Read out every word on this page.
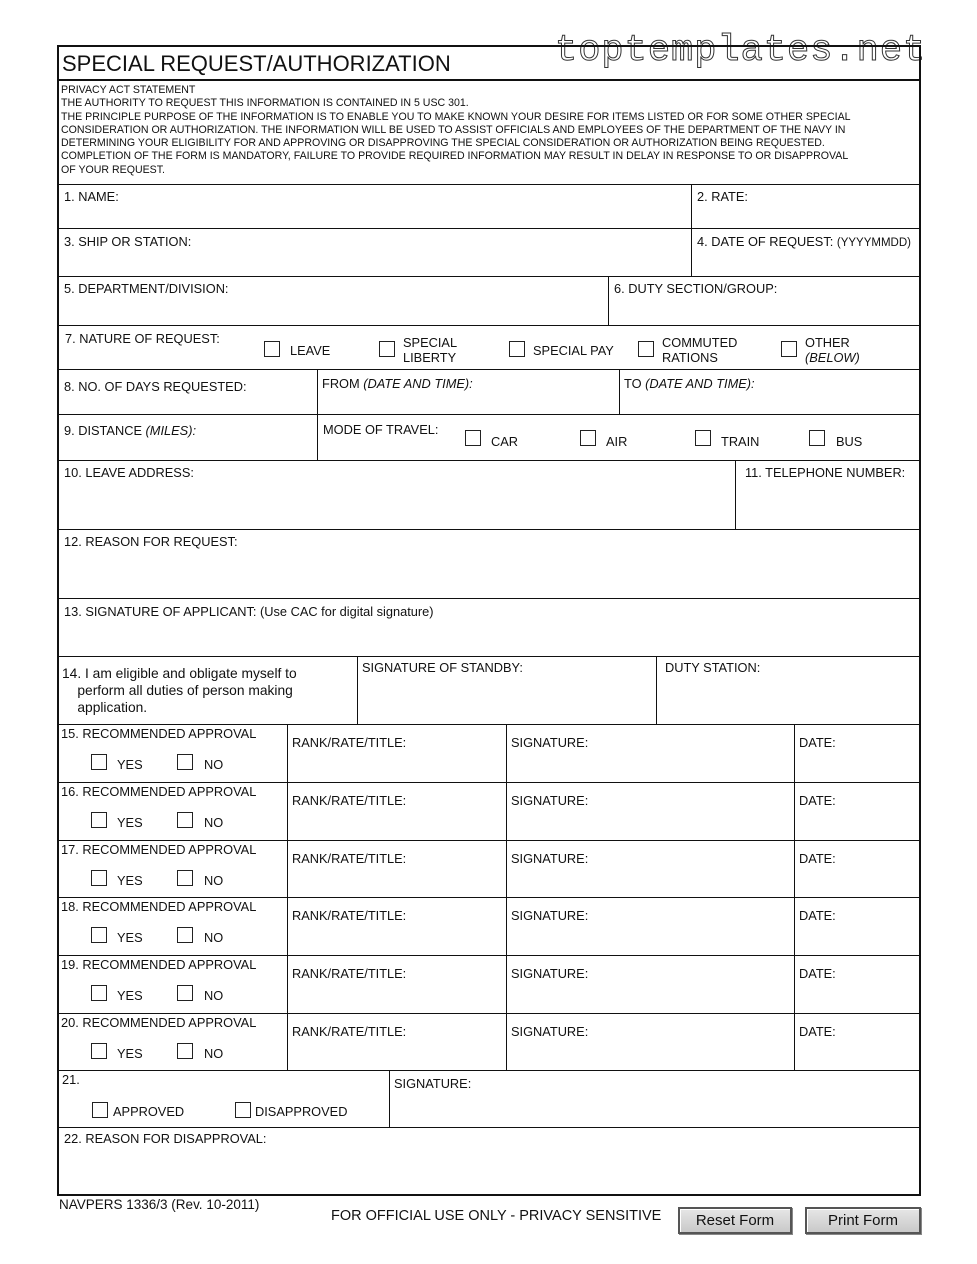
toptemplates.net
SPECIAL REQUEST/AUTHORIZATION
PRIVACY ACT STATEMENT
THE AUTHORITY TO REQUEST THIS INFORMATION IS CONTAINED IN 5 USC 301.
THE PRINCIPLE PURPOSE OF THE INFORMATION IS TO ENABLE YOU TO MAKE KNOWN YOUR DESIRE FOR ITEMS LISTED OR FOR SOME OTHER SPECIAL
CONSIDERATION OR AUTHORIZATION. THE INFORMATION WILL BE USED TO ASSIST OFFICIALS AND EMPLOYEES OF THE DEPARTMENT OF THE NAVY IN
DETERMINING YOUR ELIGIBILITY FOR AND APPROVING OR DISAPPROVING THE SPECIAL CONSIDERATION OR AUTHORIZATION BEING REQUESTED.
COMPLETION OF THE FORM IS MANDATORY, FAILURE TO PROVIDE REQUIRED INFORMATION MAY RESULT IN DELAY IN RESPONSE TO OR DISAPPROVAL
OF YOUR REQUEST.
1. NAME:	2. RATE:
3. SHIP OR STATION:	4. DATE OF REQUEST: (YYYYMMDD)
5. DEPARTMENT/DIVISION:	6. DUTY SECTION/GROUP:
7. NATURE OF REQUEST:
LEAVE
SPECIAL
LIBERTY	SPECIAL PAY
COMMUTED
RATIONS
OTHER
(BELOW)
8. NO. OF DAYS REQUESTED:	FROM (DATE AND TIME):	TO (DATE AND TIME):
9. DISTANCE (MILES):	MODE OF TRAVEL:
CAR	AIR	TRAIN	BUS
10. LEAVE ADDRESS:	11. TELEPHONE NUMBER:
12. REASON FOR REQUEST:
13. SIGNATURE OF APPLICANT: (Use CAC for digital signature)
14. I am eligible and obligate myself to
perform all duties of person making
application.
SIGNATURE OF STANDBY:	DUTY STATION:
15. RECOMMENDED APPROVAL
YES	NO
RANK/RATE/TITLE:	SIGNATURE:	DATE:
16. RECOMMENDED APPROVAL
YES	NO
RANK/RATE/TITLE:	SIGNATURE:	DATE:
17. RECOMMENDED APPROVAL
YES	NO
RANK/RATE/TITLE:	SIGNATURE:	DATE:
18. RECOMMENDED APPROVAL
YES	NO
RANK/RATE/TITLE:	SIGNATURE:	DATE:
19. RECOMMENDED APPROVAL
YES	NO
RANK/RATE/TITLE:	SIGNATURE:	DATE:
20. RECOMMENDED APPROVAL
YES	NO
RANK/RATE/TITLE:	SIGNATURE:	DATE:
21.
APPROVED	DISAPPROVED
SIGNATURE:
22. REASON FOR DISAPPROVAL:
NAVPERS 1336/3 (Rev. 10-2011)
FOR OFFICIAL USE ONLY - PRIVACY SENSITIVE	Reset Form	Print Form
